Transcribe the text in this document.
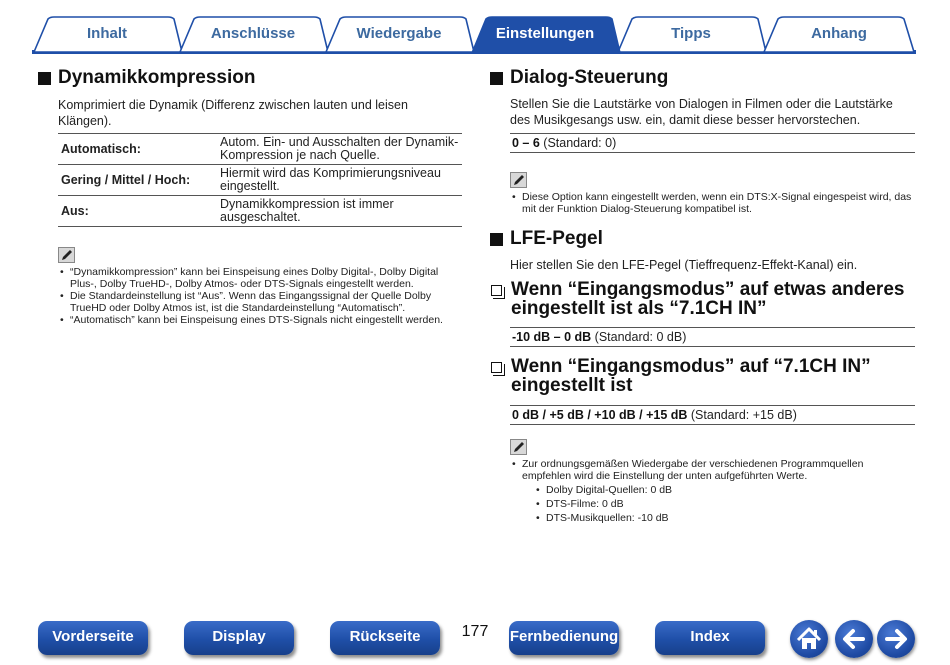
Inhalt	Anschlüsse	Wiedergabe	Einstellungen	Tipps	Anhang
Dynamikkompression
Komprimiert die Dynamik (Differenz zwischen lauten und leisen Klängen).
Automatisch:	Autom. Ein- und Ausschalten der Dynamik-Kompression je nach Quelle.
Gering / Mittel / Hoch:	Hiermit wird das Komprimierungsniveau eingestellt.
Aus:	Dynamikkompression ist immer ausgeschaltet.
• “Dynamikkompression” kann bei Einspeisung eines Dolby Digital-, Dolby Digital Plus-, Dolby TrueHD-, Dolby Atmos- oder DTS-Signals eingestellt werden.
• Die Standardeinstellung ist “Aus”. Wenn das Eingangssignal der Quelle Dolby TrueHD oder Dolby Atmos ist, ist die Standardeinstellung “Automatisch”.
• “Automatisch” kann bei Einspeisung eines DTS-Signals nicht eingestellt werden.
Dialog-Steuerung
Stellen Sie die Lautstärke von Dialogen in Filmen oder die Lautstärke des Musikgesangs usw. ein, damit diese besser hervorstechen.
0 – 6 (Standard: 0)
• Diese Option kann eingestellt werden, wenn ein DTS:X-Signal eingespeist wird, das mit der Funktion Dialog-Steuerung kompatibel ist.
LFE-Pegel
Hier stellen Sie den LFE-Pegel (Tieffrequenz-Effekt-Kanal) ein.
Wenn “Eingangsmodus” auf etwas anderes eingestellt ist als “7.1CH IN”
-10 dB – 0 dB (Standard: 0 dB)
Wenn “Eingangsmodus” auf “7.1CH IN” eingestellt ist
0 dB / +5 dB / +10 dB / +15 dB (Standard: +15 dB)
• Zur ordnungsgemäßen Wiedergabe der verschiedenen Programmquellen empfehlen wird die Einstellung der unten aufgeführten Werte.
• Dolby Digital-Quellen: 0 dB
• DTS-Filme: 0 dB
• DTS-Musikquellen: -10 dB
Vorderseite	Display	Rückseite	177	Fernbedienung	Index
